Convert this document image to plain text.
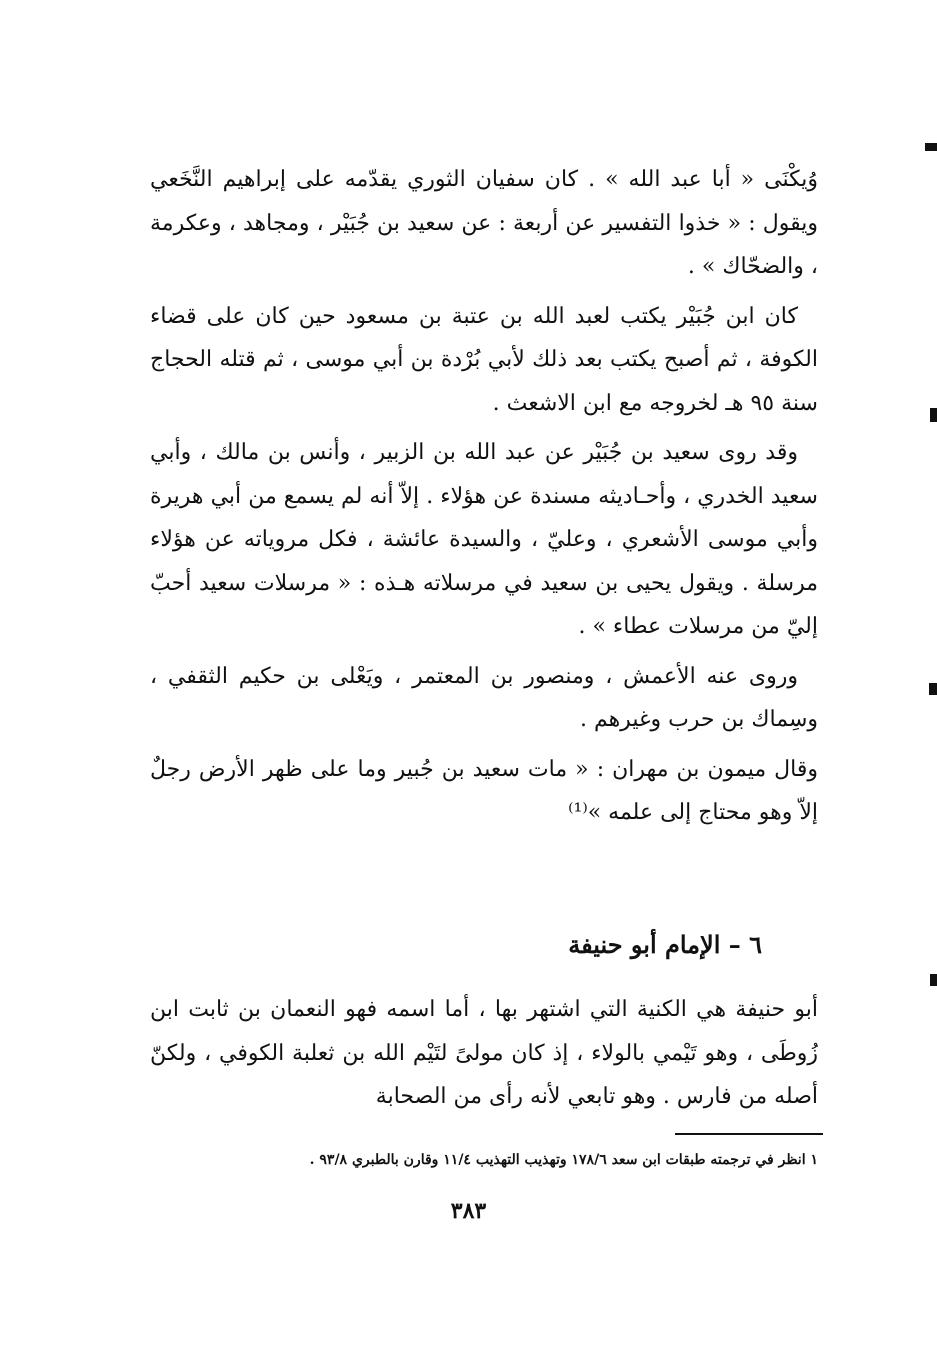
وُيكْنَى « أبا عبد الله » . كان سفيان الثوري يقدّمه على إبراهيم النَّخَعي ويقول : « خذوا التفسير عن أربعة : عن سعيد بن جُبَيْر ، ومجاهد ، وعكرمة ، والضحّاك » .

كان ابن جُبَيْر يكتب لعبد الله بن عتبة بن مسعود حين كان على قضاء الكوفة ، ثم أصبح يكتب بعد ذلك لأبي بُرْدة بن أبي موسى ، ثم قتله الحجاج سنة ٩٥ هـ لخروجه مع ابن الاشعث .

وقد روى سعيد بن جُبَيْر عن عبد الله بن الزبير ، وأنس بن مالك ، وأبي سعيد الخدري ، وأحـاديثه مسندة عن هؤلاء . إلاّ أنه لم يسمع من أبي هريرة وأبي موسى الأشعري ، وعليّ ، والسيدة عائشة ، فكل مروياته عن هؤلاء مرسلة . ويقول يحيى بن سعيد في مرسلاته هـذه : « مرسلات سعيد أحبّ إليّ من مرسلات عطاء » .

وروى عنه الأعمش ، ومنصور بن المعتمر ، ويَعْلى بن حكيم الثقفي ، وسِماك بن حرب وغيرهم .

وقال ميمون بن مهران : « مات سعيد بن جُبير وما على ظهر الأرض رجلٌ إلاّ وهو محتاج إلى علمه »⁽¹⁾

٦ – الإمام أبو حنيفة

أبو حنيفة هي الكنية التي اشتهر بها ، أما اسمه فهو النعمان بن ثابت ابن زُوطَى ، وهو تَيْمي بالولاء ، إذ كان مولىً لتَيْم الله بن ثعلبة الكوفي ، ولكنّ أصله من فارس . وهو تابعي لأنه رأى من الصحابة

١ انظر في ترجمته طبقات ابن سعد ١٧٨/٦ وتهذيب التهذيب ١١/٤ وقارن بالطبري ٩٣/٨ .
٣٨٣
